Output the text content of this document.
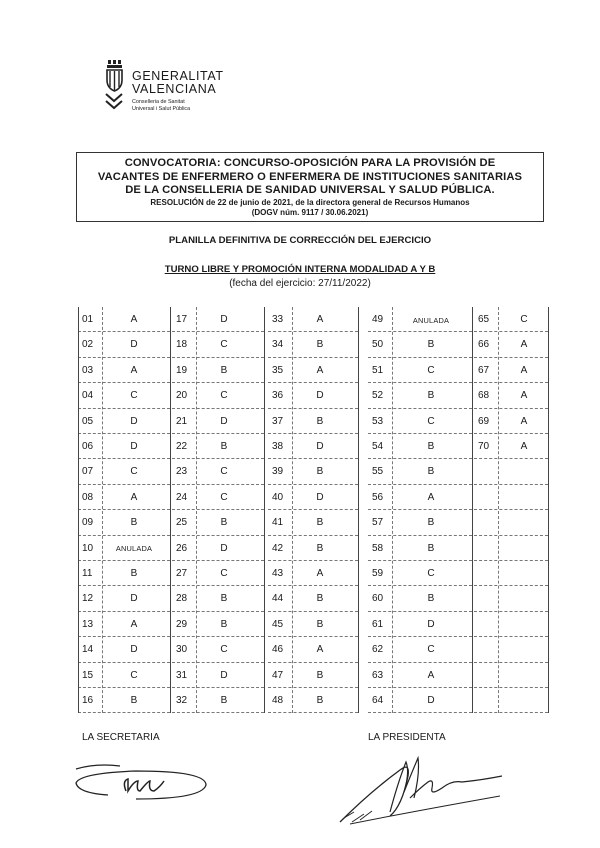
GENERALITAT
VALENCIANA
Conselleria de Sanitat
Universal i Salut Pública
CONVOCATORIA: CONCURSO-OPOSICIÓN PARA LA PROVISIÓN DE
VACANTES DE ENFERMERO O ENFERMERA DE INSTITUCIONES SANITARIAS
DE LA CONSELLERIA DE SANIDAD UNIVERSAL Y SALUD PÚBLICA.
RESOLUCIÓN de 22 de junio de 2021, de la directora general de Recursos Humanos
(DOGV núm. 9117 / 30.06.2021)
PLANILLA DEFINITIVA DE CORRECCIÓN DEL EJERCICIO
TURNO LIBRE Y PROMOCIÓN INTERNA MODALIDAD A Y B
(fecha del ejercicio: 27/11/2022)
01	A
02	D
03	A
04	C
05	D
06	D
07	C
08	A
09	B
10	ANULADA
11	B
12	D
13	A
14	D
15	C
16	B
17	D
18	C
19	B
20	C
21	D
22	B
23	C
24	C
25	B
26	D
27	C
28	B
29	B
30	C
31	D
32	B
33	A
34	B
35	A
36	D
37	B
38	D
39	B
40	D
41	B
42	B
43	A
44	B
45	B
46	A
47	B
48	B
49	ANULADA
50	B
51	C
52	B
53	C
54	B
55	B
56	A
57	B
58	B
59	C
60	B
61	D
62	C
63	A
64	D
65	C
66	A
67	A
68	A
69	A
70	A
LA SECRETARIA	LA PRESIDENTA
